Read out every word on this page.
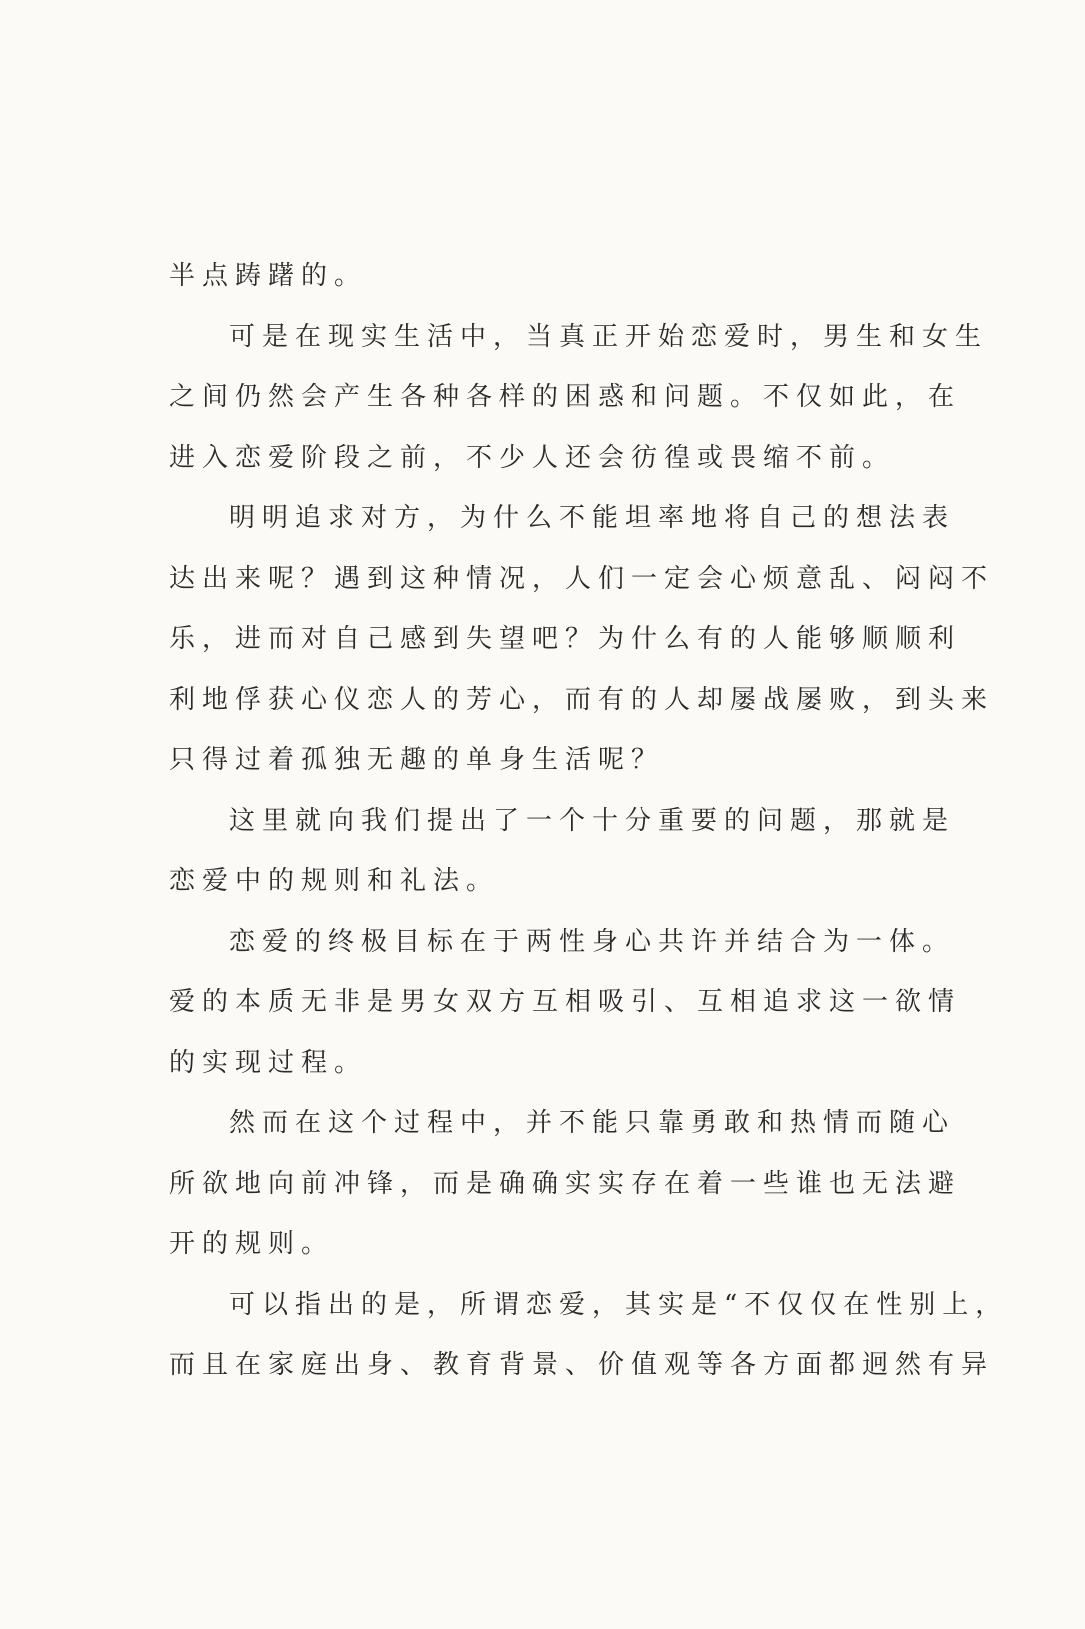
半点踌躇的。
可是在现实生活中，当真正开始恋爱时，男生和女生
之间仍然会产生各种各样的困惑和问题。不仅如此，在
进入恋爱阶段之前，不少人还会彷徨或畏缩不前。
明明追求对方，为什么不能坦率地将自己的想法表
达出来呢？遇到这种情况，人们一定会心烦意乱、闷闷不
乐，进而对自己感到失望吧？为什么有的人能够顺顺利
利地俘获心仪恋人的芳心，而有的人却屡战屡败，到头来
只得过着孤独无趣的单身生活呢？
这里就向我们提出了一个十分重要的问题，那就是
恋爱中的规则和礼法。
恋爱的终极目标在于两性身心共许并结合为一体。
爱的本质无非是男女双方互相吸引、互相追求这一欲情
的实现过程。
然而在这个过程中，并不能只靠勇敢和热情而随心
所欲地向前冲锋，而是确确实实存在着一些谁也无法避
开的规则。
可以指出的是，所谓恋爱，其实是“不仅仅在性别上，
而且在家庭出身、教育背景、价值观等各方面都迥然有异
